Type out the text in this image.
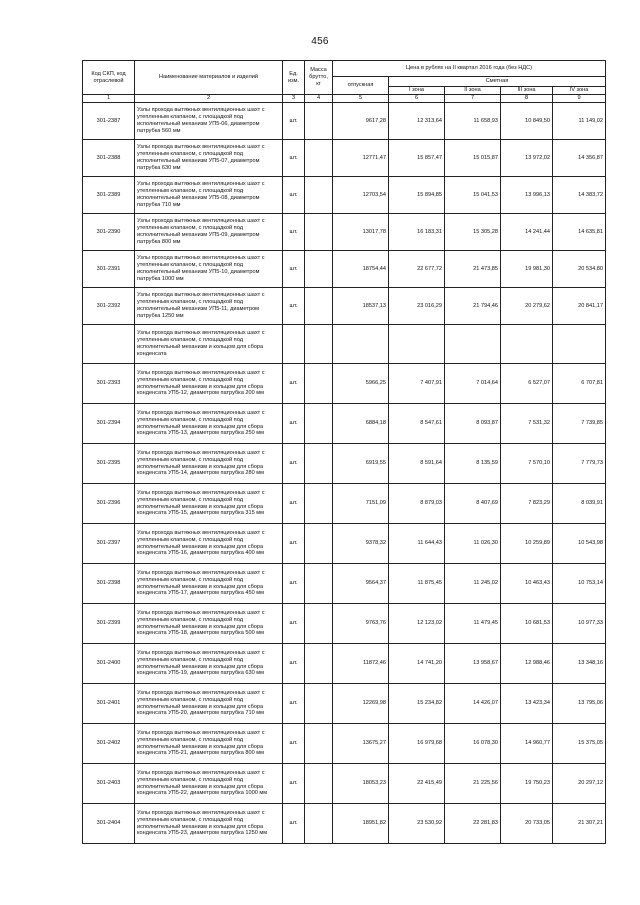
456
Код СКП, код отраслевой	Наименование материалов и изделий	Ед. изм.	Масса брутто, кг	Цена в рублях на II квартал 2016 года (без НДС)				
				отпускная	Сметная			
					I зона	II зона	III зона	IV зона
1	2	3	4	5	6	7	8	9
301-2387	Узлы прохода вытяжных вентиляционных шахт с утепленным клапаном, с площадкой под исполнительный механизм УП5-06, диаметром патрубка 560 мм	шт.		9617,28	12 313,64	11 658,93	10 849,50	11 149,02
301-2388	Узлы прохода вытяжных вентиляционных шахт с утепленным клапаном, с площадкой под исполнительный механизм УП5-07, диаметром патрубка 630 мм	шт.		12771,47	15 857,47	15 015,87	13 972,02	14 356,87
301-2389	Узлы прохода вытяжных вентиляционных шахт с утепленным клапаном, с площадкой под исполнительный механизм УП5-08, диаметром патрубка 710 мм	шт.		12703,54	15 894,85	15 041,53	13 996,13	14 383,72
301-2390	Узлы прохода вытяжных вентиляционных шахт с утепленным клапаном, с площадкой под исполнительный механизм УП5-09, диаметром патрубка 800 мм	шт.		13017,78	16 183,31	15 305,28	14 241,44	14 635,81
301-2391	Узлы прохода вытяжных вентиляционных шахт с утепленным клапаном, с площадкой под исполнительный механизм УП5-10, диаметром патрубка 1000 мм	шт.		18754,44	22 677,72	21 473,85	19 981,30	20 534,80
301-2392	Узлы прохода вытяжных вентиляционных шахт с утепленным клапаном, с площадкой под исполнительный механизм УП5-11, диаметром патрубка 1250 мм	шт.		18537,13	23 016,29	21 794,46	20 279,62	20 841,17
	Узлы прохода вытяжных вентиляционных шахт с утепленным клапаном, с площадкой под исполнительный механизм и кольцом для сбора конденсата							
301-2393	Узлы прохода вытяжных вентиляционных шахт с утепленным клапаном, с площадкой под исполнительный механизм и кольцом для сбора конденсата УП5-12, диаметром патрубка 200 мм	шт.		5966,25	7 407,91	7 014,64	6 527,07	6 707,81
301-2394	Узлы прохода вытяжных вентиляционных шахт с утепленным клапаном, с площадкой под исполнительный механизм и кольцом для сбора конденсата УП5-13, диаметром патрубка 250 мм	шт.		6884,18	8 547,61	8 093,87	7 531,32	7 739,85
301-2395	Узлы прохода вытяжных вентиляционных шахт с утепленным клапаном, с площадкой под исполнительный механизм и кольцом для сбора конденсата УП5-14, диаметром патрубка 280 мм	шт.		6919,55	8 591,64	8 135,59	7 570,10	7 779,73
301-2396	Узлы прохода вытяжных вентиляционных шахт с утепленным клапаном, с площадкой под исполнительный механизм и кольцом для сбора конденсата УП5-15, диаметром патрубка 315 мм	шт.		7151,09	8 879,03	8 407,69	7 823,29	8 039,91
301-2397	Узлы прохода вытяжных вентиляционных шахт с утепленным клапаном, с площадкой под исполнительный механизм и кольцом для сбора конденсата УП5-16, диаметром патрубка 400 мм	шт.		9378,32	11 644,43	11 026,30	10 259,89	10 543,98
301-2398	Узлы прохода вытяжных вентиляционных шахт с утепленным клапаном, с площадкой под исполнительный механизм и кольцом для сбора конденсата УП5-17, диаметром патрубка 450 мм	шт.		9564,37	11 875,45	11 245,02	10 463,43	10 753,14
301-2399	Узлы прохода вытяжных вентиляционных шахт с утепленным клапаном, с площадкой под исполнительный механизм и кольцом для сбора конденсата УП5-18, диаметром патрубка 500 мм	шт.		9763,76	12 123,02	11 479,45	10 681,53	10 977,33
301-2400	Узлы прохода вытяжных вентиляционных шахт с утепленным клапаном, с площадкой под исполнительный механизм и кольцом для сбора конденсата УП5-19, диаметром патрубка 630 мм	шт.		11872,46	14 741,20	13 958,67	12 988,46	13 348,16
301-2401	Узлы прохода вытяжных вентиляционных шахт с утепленным клапаном, с площадкой под исполнительный механизм и кольцом для сбора конденсата УП5-20, диаметром патрубка 710 мм	шт.		12269,98	15 234,82	14 426,07	13 423,34	13 795,06
301-2402	Узлы прохода вытяжных вентиляционных шахт с утепленным клапаном, с площадкой под исполнительный механизм и кольцом для сбора конденсата УП5-21, диаметром патрубка 800 мм	шт.		13675,27	16 979,68	16 078,30	14 960,77	15 375,05
301-2403	Узлы прохода вытяжных вентиляционных шахт с утепленным клапаном, с площадкой под исполнительный механизм и кольцом для сбора конденсата УП5-22, диаметром патрубка 1000 мм	шт.		18053,23	22 415,49	21 225,56	19 750,23	20 297,12
301-2404	Узлы прохода вытяжных вентиляционных шахт с утепленным клапаном, с площадкой под исполнительный механизм и кольцом для сбора конденсата УП5-23, диаметром патрубка 1250 мм	шт.		18951,82	23 530,92	22 281,83	20 733,05	21 307,21
